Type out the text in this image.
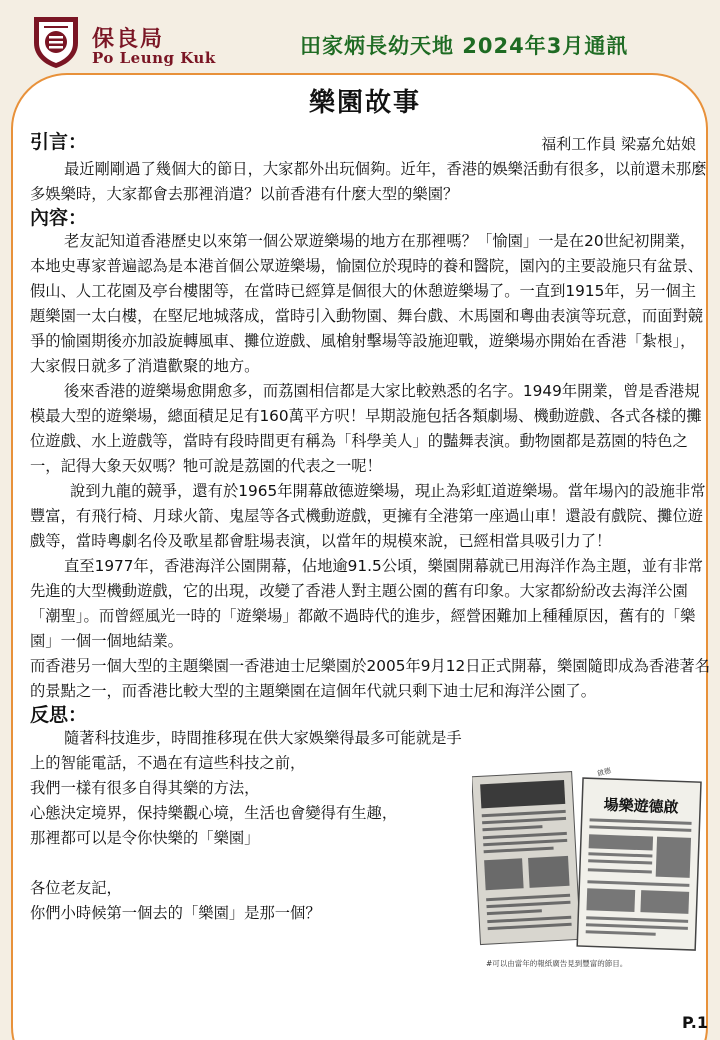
保良局
Po Leung Kuk	田家炳長幼天地 2024年3月通訊
樂園故事
引言：	福利工作員 梁嘉允姑娘

最近剛剛過了幾個大的節日，大家都外出玩個夠。近年，香港的娛樂活動有很多，以前還未那麼多娛樂時，大家都會去那裡消遣？以前香港有什麼大型的樂園？

內容：

老友記知道香港歷史以來第一個公眾遊樂場的地方在那裡嗎？「愉園」一是在20世紀初開業，本地史專家普遍認為是本港首個公眾遊樂場，愉園位於現時的養和醫院，園內的主要設施只有盆景、假山、人工花園及亭台樓閣等，在當時已經算是個很大的休憩遊樂場了。一直到1915年，另一個主題樂園一太白樓，在堅尼地城落成，當時引入動物園、舞台戲、木馬園和粵曲表演等玩意，而面對競爭的愉園期後亦加設旋轉風車、攤位遊戲、風槍射擊場等設施迎戰，遊樂場亦開始在香港「紮根」，大家假日就多了消遣歡聚的地方。

後來香港的遊樂場愈開愈多，而荔園相信都是大家比較熟悉的名字。1949年開業，曾是香港規模最大型的遊樂場，總面積足足有160萬平方呎！早期設施包括各類劇場、機動遊戲、各式各樣的攤位遊戲、水上遊戲等，當時有段時間更有稱為「科學美人」的豔舞表演。動物園都是荔園的特色之一，記得大象天奴嗎？牠可說是荔園的代表之一呢！

說到九龍的競爭，還有於1965年開幕啟德遊樂場，現止為彩虹道遊樂場。當年場內的設施非常豐富，有飛行椅、月球火箭、鬼屋等各式機動遊戲，更擁有全港第一座過山車！還設有戲院、攤位遊戲等，當時粵劇名伶及歌星都會駐場表演，以當年的規模來說，已經相當具吸引力了！

直至1977年，香港海洋公園開幕，佔地逾91.5公頃，樂園開幕就已用海洋作為主題，並有非常先進的大型機動遊戲，它的出現，改變了香港人對主題公園的舊有印象。大家都紛紛改去海洋公園「潮聖」。而曾經風光一時的「遊樂場」都敵不過時代的進步，經營困難加上種種原因，舊有的「樂園」一個一個地結業。

而香港另一個大型的主題樂園一香港迪士尼樂園於2005年9月12日正式開幕，樂園隨即成為香港著名的景點之一，而香港比較大型的主題樂園在這個年代就只剩下迪士尼和海洋公園了。

反思：

隨著科技進步，時間推移現在供大家娛樂得最多可能就是手上的智能電話，不過在有這些科技之前，

我們一樣有很多自得其樂的方法，

心態決定境界，保持樂觀心境，生活也會變得有生趣，

那裡都可以是令你快樂的「樂園」

各位老友記，

你們小時候第一個去的「樂園」是那一個？

場樂遊德啟
啟德
#可以由當年的報紙廣告見到豐富的節目。
P.1
